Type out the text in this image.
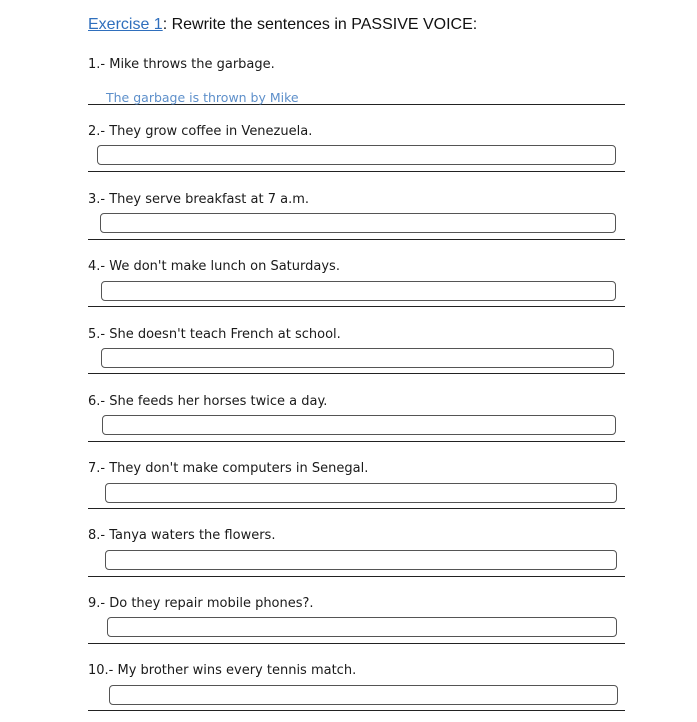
Exercise 1: Rewrite the sentences in PASSIVE VOICE:
1.- Mike throws the garbage.
The garbage is thrown by Mike
2.- They grow coffee in Venezuela.
3.- They serve breakfast at 7 a.m.
4.- We don't make lunch on Saturdays.
5.- She doesn't teach French at school.
6.- She feeds her horses twice a day.
7.- They don't make computers in Senegal.
8.- Tanya waters the flowers.
9.- Do they repair mobile phones?.
10.- My brother wins every tennis match.
